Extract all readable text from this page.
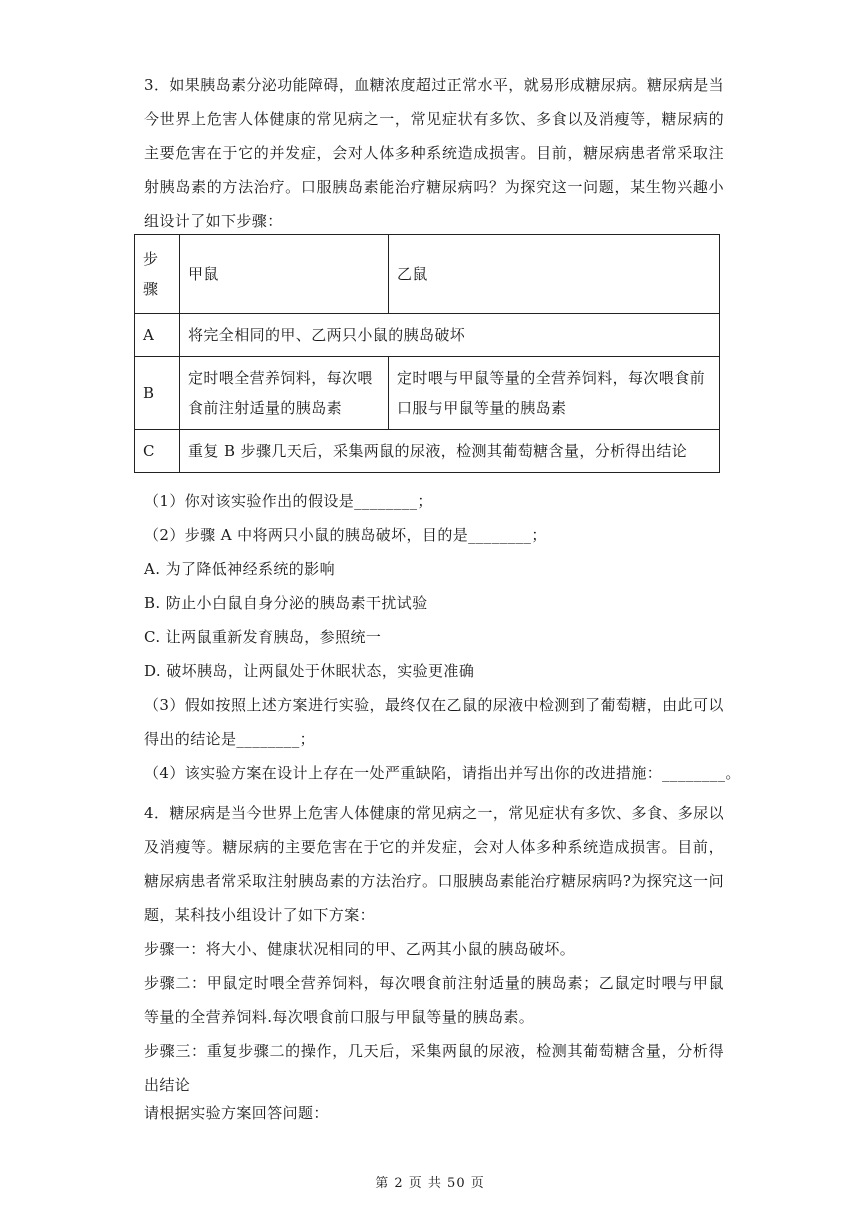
3．如果胰岛素分泌功能障碍，血糖浓度超过正常水平，就易形成糖尿病。糖尿病是当今世界上危害人体健康的常见病之一，常见症状有多饮、多食以及消瘦等，糖尿病的主要危害在于它的并发症，会对人体多种系统造成损害。目前，糖尿病患者常采取注射胰岛素的方法治疗。口服胰岛素能治疗糖尿病吗？为探究这一问题，某生物兴趣小组设计了如下步骤：

步骤	甲鼠	乙鼠
A	将完全相同的甲、乙两只小鼠的胰岛破坏	
B	定时喂全营养饲料，每次喂食前注射适量的胰岛素	定时喂与甲鼠等量的全营养饲料，每次喂食前口服与甲鼠等量的胰岛素
C	重复 B 步骤几天后，采集两鼠的尿液，检测其葡萄糖含量，分析得出结论	

（1）你对该实验作出的假设是________；

（2）步骤 A 中将两只小鼠的胰岛破坏，目的是________；

A. 为了降低神经系统的影响

B. 防止小白鼠自身分泌的胰岛素干扰试验

C. 让两鼠重新发育胰岛，参照统一

D. 破坏胰岛，让两鼠处于休眠状态，实验更准确

（3）假如按照上述方案进行实验，最终仅在乙鼠的尿液中检测到了葡萄糖，由此可以

得出的结论是________；

（4）该实验方案在设计上存在一处严重缺陷，请指出并写出你的改进措施：________。

4．糖尿病是当今世界上危害人体健康的常见病之一，常见症状有多饮、多食、多尿以及消瘦等。糖尿病的主要危害在于它的并发症，会对人体多种系统造成损害。目前，糖尿病患者常采取注射胰岛素的方法治疗。口服胰岛素能治疗糖尿病吗?为探究这一问题，某科技小组设计了如下方案：

步骤一：将大小、健康状况相同的甲、乙两其小鼠的胰岛破坏。

步骤二：甲鼠定时喂全营养饲料，每次喂食前注射适量的胰岛素；乙鼠定时喂与甲鼠等量的全营养饲料.每次喂食前口服与甲鼠等量的胰岛素。

步骤三：重复步骤二的操作，几天后，采集两鼠的尿液，检测其葡萄糖含量，分析得出结论

请根据实验方案回答问题：

第 2 页 共 50 页
